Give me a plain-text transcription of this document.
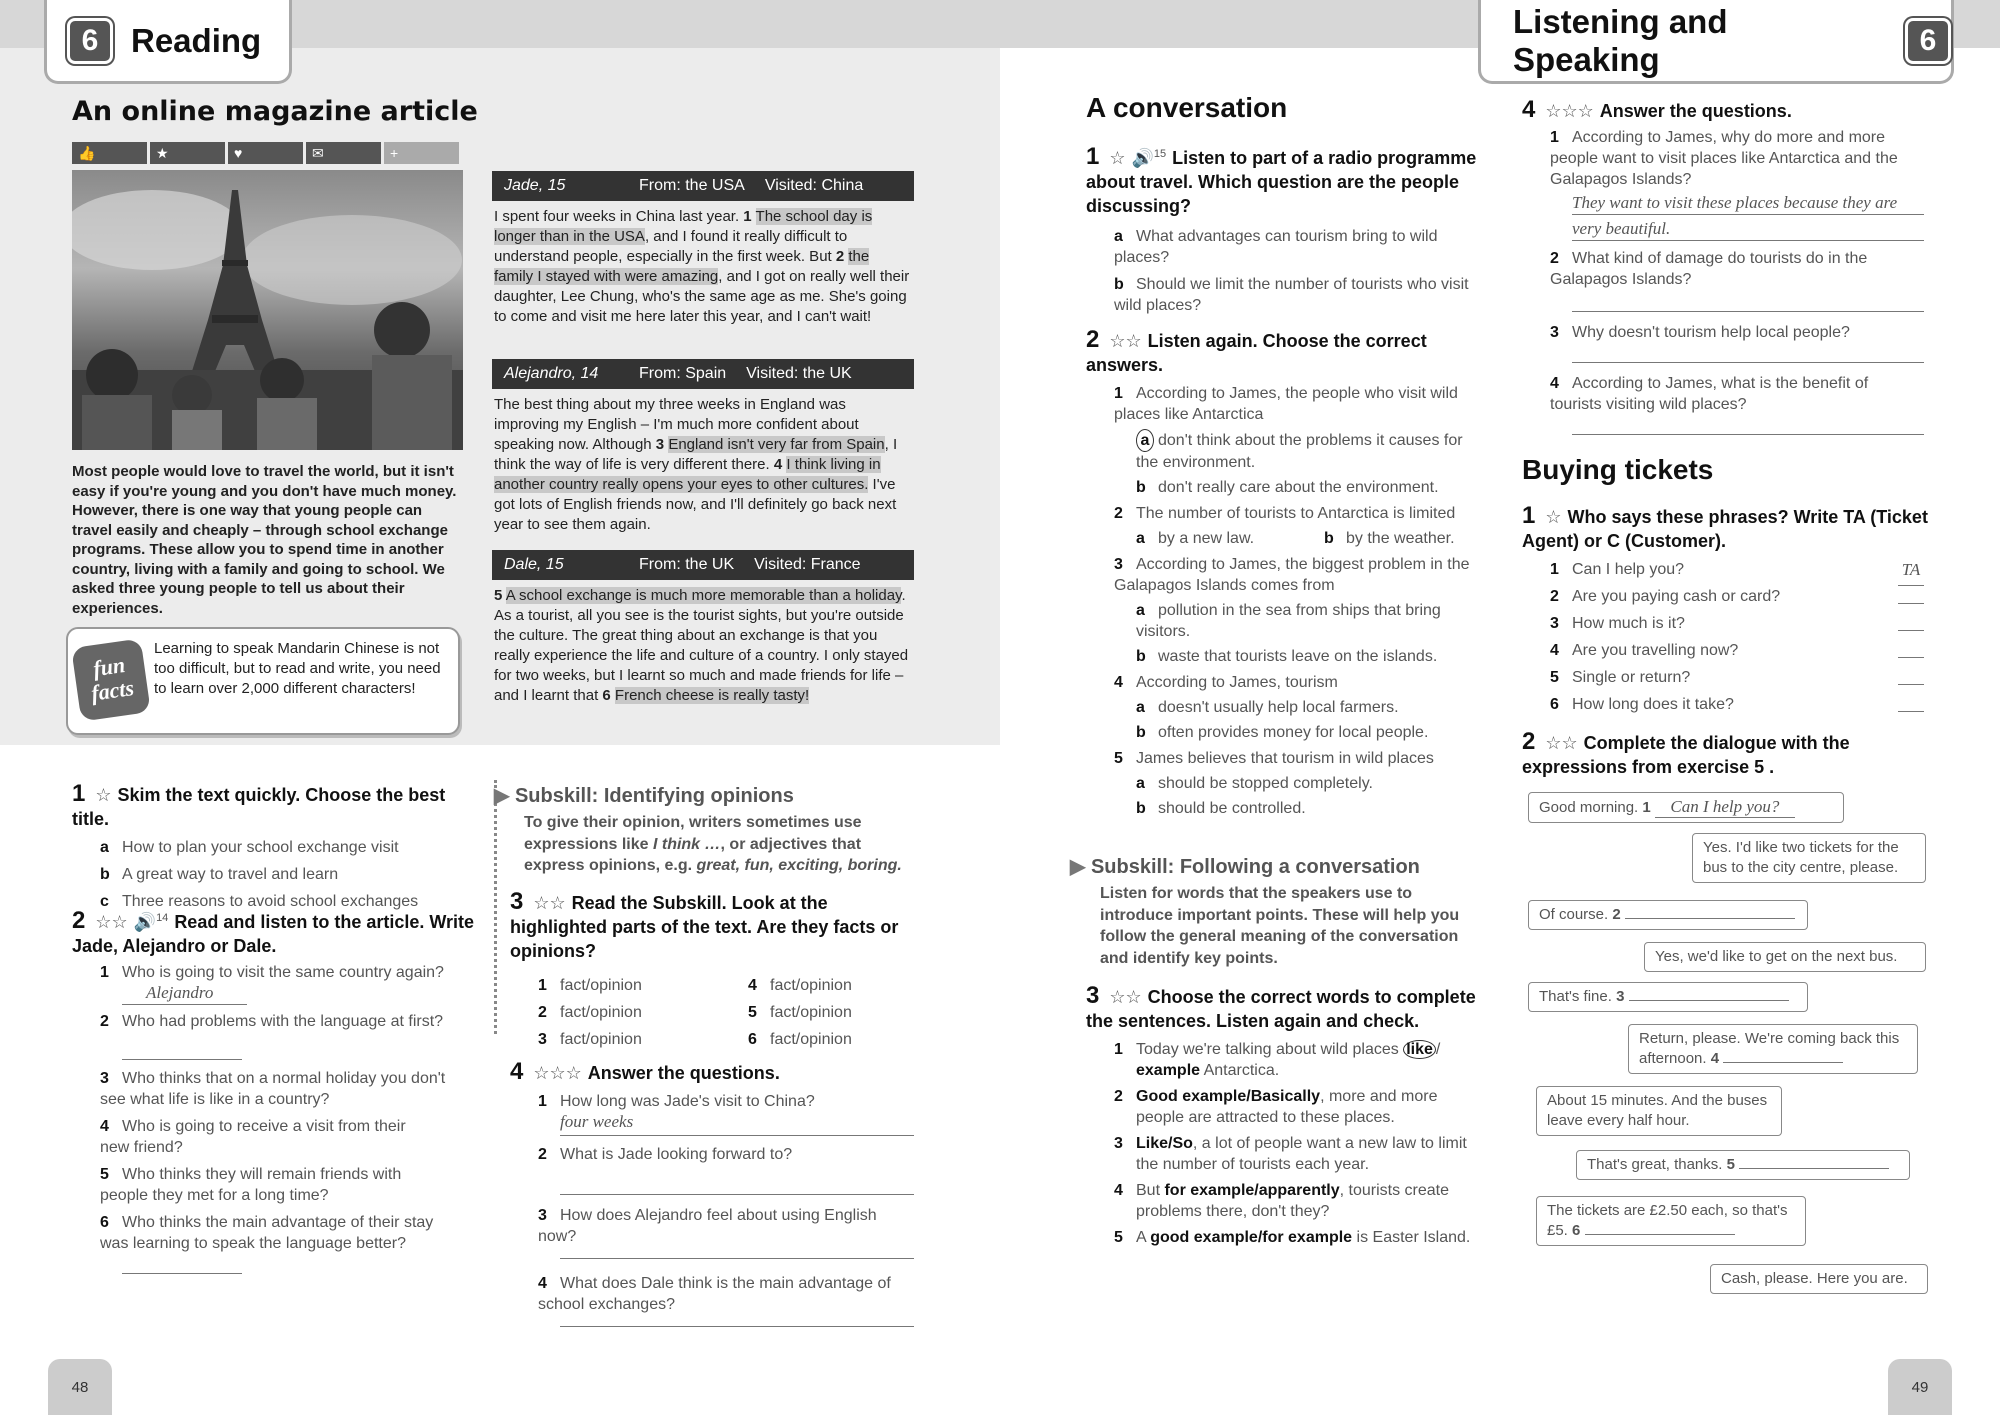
6 Reading
Listening and Speaking
6
An online magazine article
👍	★	♥	✉	+
Most people would love to travel the world, but it isn't easy if you're young and you don't have much money. However, there is one way that young people can travel easily and cheaply – through school exchange programs. These allow you to spend time in another country, living with a family and going to school. We asked three young people to tell us about their experiences.
fun facts
Learning to speak Mandarin Chinese is not too difficult, but to read and write, you need to learn over 2,000 different characters!
Jade, 15	From: the USA Visited: China
I spent four weeks in China last year. 1 The school day is longer than in the USA, and I found it really difficult to understand people, especially in the first week. But 2 the family I stayed with were amazing, and I got on really well their daughter, Lee Chung, who's the same age as me. She's going to come and visit me here later this year, and I can't wait!
Alejandro, 14	From: Spain Visited: the UK
The best thing about my three weeks in England was improving my English – I'm much more confident about speaking now. Although 3 England isn't very far from Spain, I think the way of life is very different there. 4 I think living in another country really opens your eyes to other cultures. I've got lots of English friends now, and I'll definitely go back next year to see them again.
Dale, 15	From: the UK Visited: France
5 A school exchange is much more memorable than a holiday. As a tourist, all you see is the tourist sights, but you're outside the culture. The great thing about an exchange is that you really experience the life and culture of a country. I only stayed for two weeks, but I learnt so much and made friends for life – and I learnt that 6 French cheese is really tasty!
1 ☆ Skim the text quickly. Choose the best title.
a How to plan your school exchange visit
b A great way to travel and learn
c Three reasons to avoid school exchanges
2 ☆☆ 🔊$^{14}$ Read and listen to the article. Write Jade, Alejandro or Dale.
1 Who is going to visit the same country again?
Alejandro
2 Who had problems with the language at first?
3 Who thinks that on a normal holiday you don't see what life is like in a country?
4 Who is going to receive a visit from their new friend?
5 Who thinks they will remain friends with people they met for a long time?
6 Who thinks the main advantage of their stay was learning to speak the language better?
▶ Subskill: Identifying opinions
To give their opinion, writers sometimes use expressions like I think …, or adjectives that express opinions, e.g. great, fun, exciting, boring.
3 ☆☆ Read the Subskill. Look at the highlighted parts of the text. Are they facts or opinions?
1 fact/opinion	4 fact/opinion
2 fact/opinion	5 fact/opinion
3 fact/opinion	6 fact/opinion
4 ☆☆☆ Answer the questions.
1 How long was Jade's visit to China?
four weeks
2 What is Jade looking forward to?
3 How does Alejandro feel about using English now?
4 What does Dale think is the main advantage of school exchanges?
48
A conversation
1 ☆ 🔊$^{15}$ Listen to part of a radio programme about travel. Which question are the people discussing?
a What advantages can tourism bring to wild places?
b Should we limit the number of tourists who visit wild places?
2 ☆☆ Listen again. Choose the correct answers.
1 According to James, the people who visit wild places like Antarctica
a don't think about the problems it causes for the environment.
b don't really care about the environment.
2 The number of tourists to Antarctica is limited
a by a new law.	b by the weather.
3 According to James, the biggest problem in the Galapagos Islands comes from
a pollution in the sea from ships that bring visitors.
b waste that tourists leave on the islands.
4 According to James, tourism
a doesn't usually help local farmers.
b often provides money for local people.
5 James believes that tourism in wild places
a should be stopped completely.
b should be controlled.
▶ Subskill: Following a conversation
Listen for words that the speakers use to introduce important points. These will help you follow the general meaning of the conversation and identify key points.
3 ☆☆ Choose the correct words to complete the sentences. Listen again and check.
1 Today we're talking about wild places like /
example Antarctica.
2 Good example/Basically, more and more
people are attracted to these places.
3 Like/So, a lot of people want a new law to limit
the number of tourists each year.
4 But for example/apparently, tourists create
problems there, don't they?
5 A good example/for example is Easter Island.
4 ☆☆☆ Answer the questions.
1 According to James, why do more and more people want to visit places like Antarctica and the Galapagos Islands?
They want to visit these places because they are very beautiful.
2 What kind of damage do tourists do in the Galapagos Islands?
3 Why doesn't tourism help local people?
4 According to James, what is the benefit of tourists visiting wild places?
Buying tickets
1 ☆ Who says these phrases? Write TA (Ticket Agent) or C (Customer).
1 Can I help you?	TA
2 Are you paying cash or card?
3 How much is it?
4 Are you travelling now?
5 Single or return?
6 How long does it take?
2 ☆☆ Complete the dialogue with the expressions from exercise 5 .
Good morning. 1 Can I help you?
Yes. I'd like two tickets for the bus to the city centre, please.
Of course. 2
Yes, we'd like to get on the next bus.
That's fine. 3
Return, please. We're coming back this afternoon. 4
About 15 minutes. And the buses leave every half hour.
That's great, thanks. 5
The tickets are £2.50 each, so that's £5. 6
Cash, please. Here you are.
49
